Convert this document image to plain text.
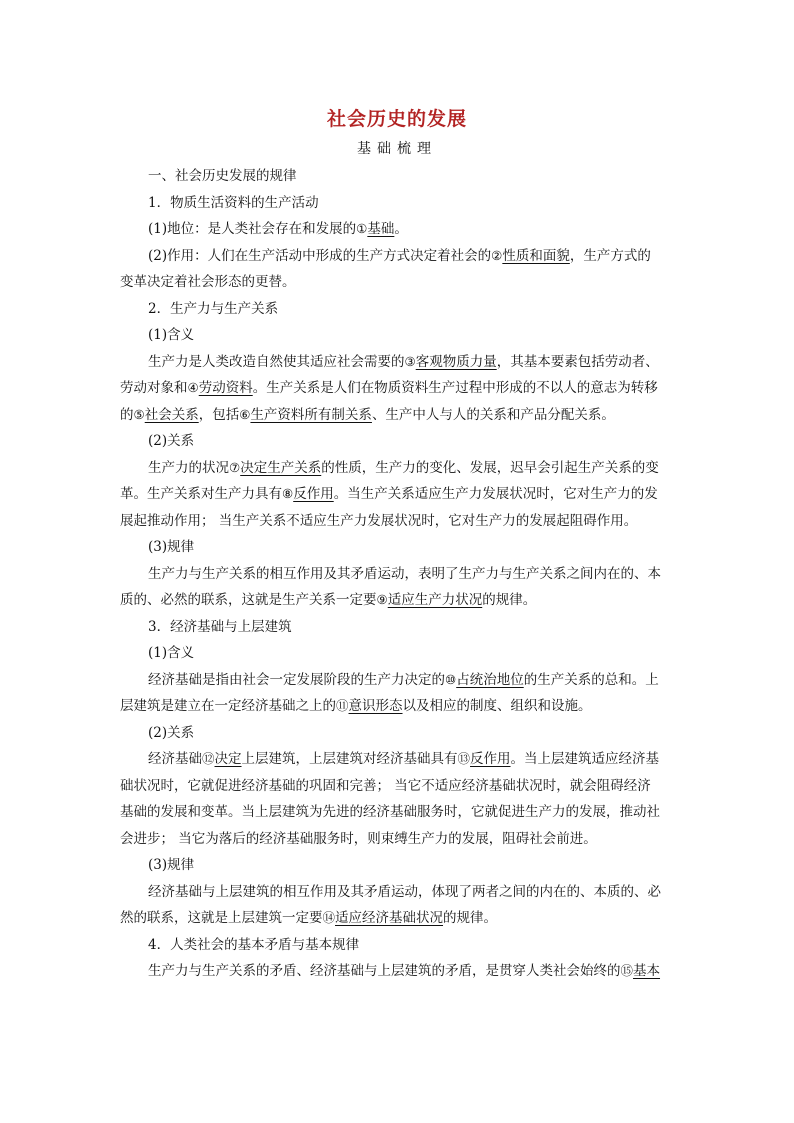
社会历史的发展
基础梳理
一、社会历史发展的规律
1．物质生活资料的生产活动
(1)地位：是人类社会存在和发展的①基础。
(2)作用：人们在生产活动中形成的生产方式决定着社会的②性质和面貌，生产方式的
变革决定着社会形态的更替。
2．生产力与生产关系
(1)含义
生产力是人类改造自然使其适应社会需要的③客观物质力量，其基本要素包括劳动者、
劳动对象和④劳动资料。生产关系是人们在物质资料生产过程中形成的不以人的意志为转移
的⑤社会关系，包括⑥生产资料所有制关系、生产中人与人的关系和产品分配关系。
(2)关系
生产力的状况⑦决定生产关系的性质，生产力的变化、发展，迟早会引起生产关系的变
革。生产关系对生产力具有⑧反作用。当生产关系适应生产力发展状况时，它对生产力的发
展起推动作用； 当生产关系不适应生产力发展状况时，它对生产力的发展起阻碍作用。
(3)规律
生产力与生产关系的相互作用及其矛盾运动，表明了生产力与生产关系之间内在的、本
质的、必然的联系，这就是生产关系一定要⑨适应生产力状况的规律。
3．经济基础与上层建筑
(1)含义
经济基础是指由社会一定发展阶段的生产力决定的⑩占统治地位的生产关系的总和。上
层建筑是建立在一定经济基础之上的⑪意识形态以及相应的制度、组织和设施。
(2)关系
经济基础⑫决定上层建筑，上层建筑对经济基础具有⑬反作用。当上层建筑适应经济基
础状况时，它就促进经济基础的巩固和完善； 当它不适应经济基础状况时，就会阻碍经济
基础的发展和变革。当上层建筑为先进的经济基础服务时，它就促进生产力的发展，推动社
会进步； 当它为落后的经济基础服务时，则束缚生产力的发展，阻碍社会前进。
(3)规律
经济基础与上层建筑的相互作用及其矛盾运动，体现了两者之间的内在的、本质的、必
然的联系，这就是上层建筑一定要⑭适应经济基础状况的规律。
4．人类社会的基本矛盾与基本规律
生产力与生产关系的矛盾、经济基础与上层建筑的矛盾，是贯穿人类社会始终的⑮基本
